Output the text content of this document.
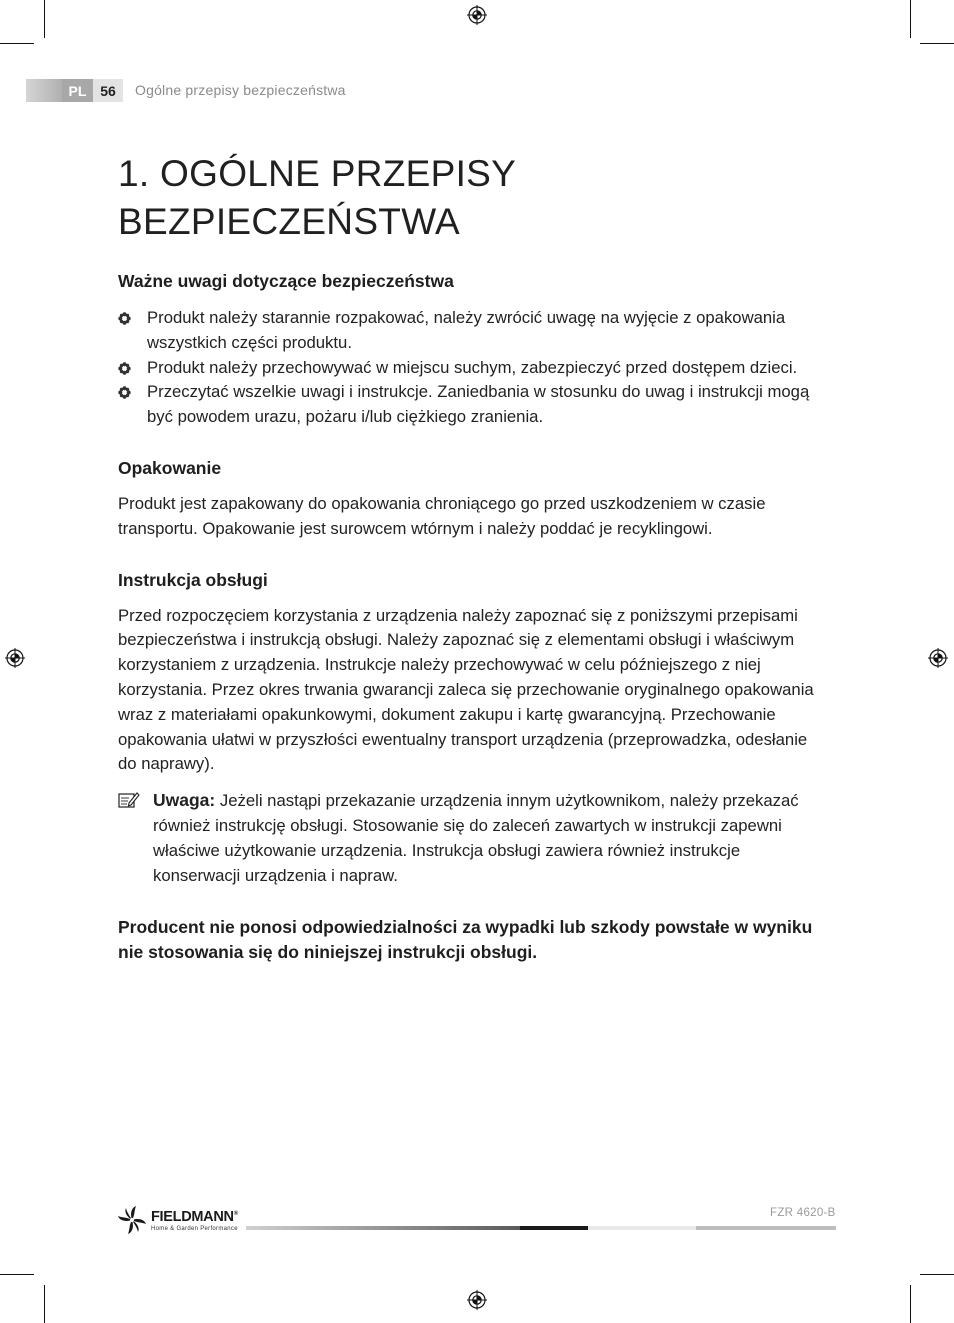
PL 56	Ogólne przepisy bezpieczeństwa
1. OGÓLNE PRZEPISY BEZPIECZEŃSTWA
Ważne uwagi dotyczące bezpieczeństwa
Produkt należy starannie rozpakować, należy zwrócić uwagę na wyjęcie z opakowania wszystkich części produktu.
Produkt należy przechowywać w miejscu suchym, zabezpieczyć przed dostępem dzieci.
Przeczytać wszelkie uwagi i instrukcje. Zaniedbania w stosunku do uwag i instrukcji mogą być powodem urazu, pożaru i/lub ciężkiego zranienia.
Opakowanie

Produkt jest zapakowany do opakowania chroniącego go przed uszkodzeniem w czasie transportu. Opakowanie jest surowcem wtórnym i należy poddać je recyklingowi.

Instrukcja obsługi

Przed rozpoczęciem korzystania z urządzenia należy zapoznać się z poniższymi przepisami bezpieczeństwa i instrukcją obsługi. Należy zapoznać się z elementami obsługi i właściwym korzystaniem z urządzenia. Instrukcje należy przechowywać w celu późniejszego z niej korzystania. Przez okres trwania gwarancji zaleca się przechowanie oryginalnego opakowania wraz z materiałami opakunkowymi, dokument zakupu i kartę gwarancyjną. Przechowanie opakowania ułatwi w przyszłości ewentualny transport urządzenia (przeprowadzka, odesłanie do naprawy).

Uwaga: Jeżeli nastąpi przekazanie urządzenia innym użytkownikom, należy przekazać również instrukcję obsługi. Stosowanie się do zaleceń zawartych w instrukcji zapewni właściwe użytkowanie urządzenia. Instrukcja obsługi zawiera również instrukcje konserwacji urządzenia i napraw.

Producent nie ponosi odpowiedzialności za wypadki lub szkody powstałe w wyniku nie stosowania się do niniejszej instrukcji obsługi.

FIELDMANN®
Home & Garden Performance
FZR 4620-B
